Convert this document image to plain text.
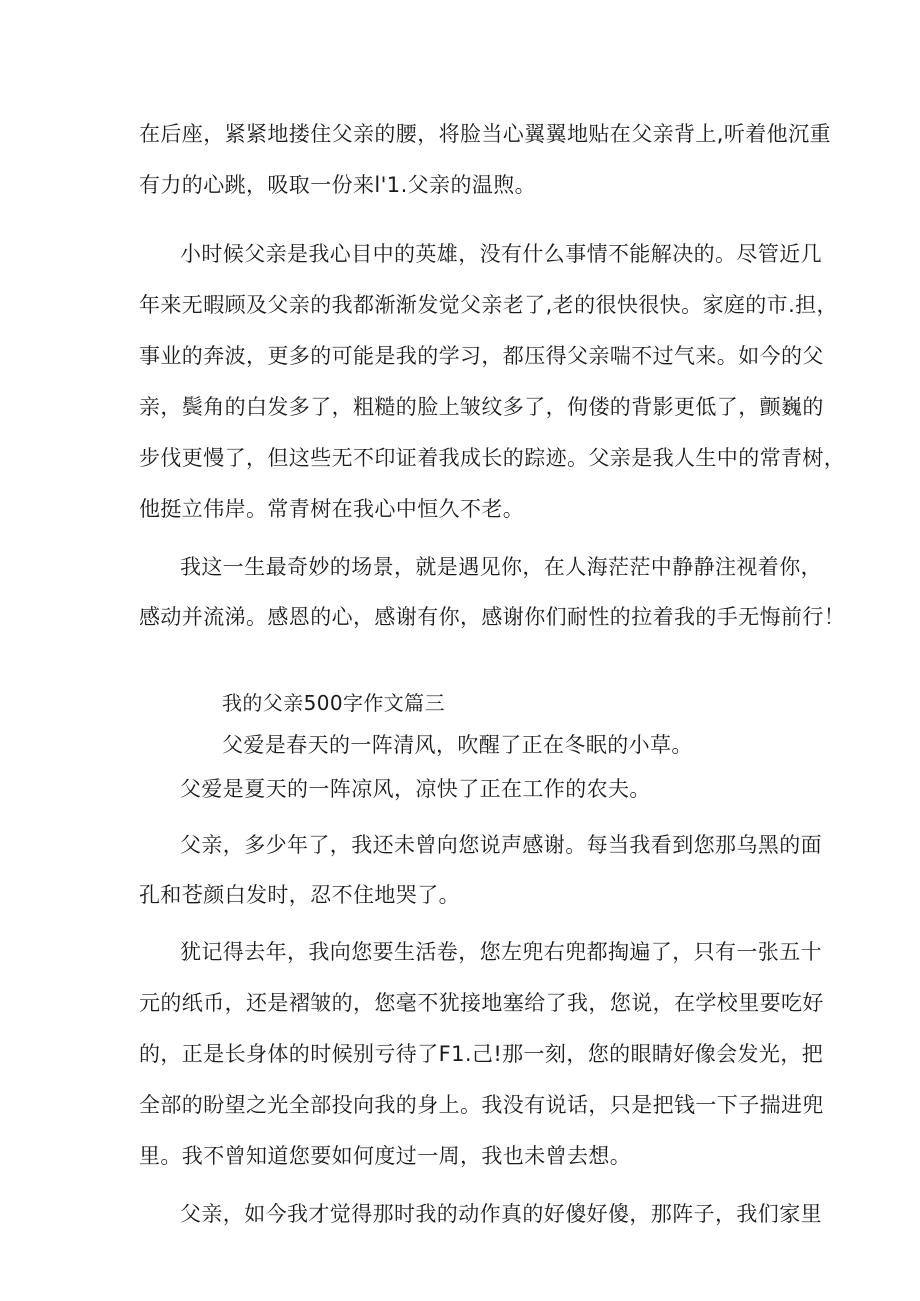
在后座，紧紧地搂住父亲的腰，将脸当心翼翼地贴在父亲背上,听着他沉重
有力的心跳，吸取一份来l'1.父亲的温煦。
小时候父亲是我心目中的英雄，没有什么事情不能解决的。尽管近几
年来无暇顾及父亲的我都渐渐发觉父亲老了,老的很快很快。家庭的市.担，
事业的奔波，更多的可能是我的学习，都压得父亲喘不过气来。如今的父
亲，鬓角的白发多了，粗糙的脸上皱纹多了，佝偻的背影更低了，颤巍的
步伐更慢了，但这些无不印证着我成长的踪迹。父亲是我人生中的常青树，
他挺立伟岸。常青树在我心中恒久不老。
我这一生最奇妙的场景，就是遇见你，在人海茫茫中静静注视着你，
感动并流涕。感恩的心，感谢有你，感谢你们耐性的拉着我的手无悔前行！
我的父亲500字作文篇三
父爱是春天的一阵清风，吹醒了正在冬眠的小草。
父爱是夏天的一阵凉风，凉快了正在工作的农夫。
父亲，多少年了，我还未曾向您说声感谢。每当我看到您那乌黑的面
孔和苍颜白发时，忍不住地哭了。
犹记得去年，我向您要生活卷，您左兜右兜都掏遍了，只有一张五十
元的纸币，还是褶皱的，您毫不犹接地塞给了我，您说，在学校里要吃好
的，正是长身体的时候别亏待了F1.己!那一刻，您的眼睛好像会发光，把
全部的盼望之光全部投向我的身上。我没有说话，只是把钱一下子揣进兜
里。我不曾知道您要如何度过一周，我也未曾去想。
父亲，如今我才觉得那时我的动作真的好傻好傻，那阵子，我们家里
